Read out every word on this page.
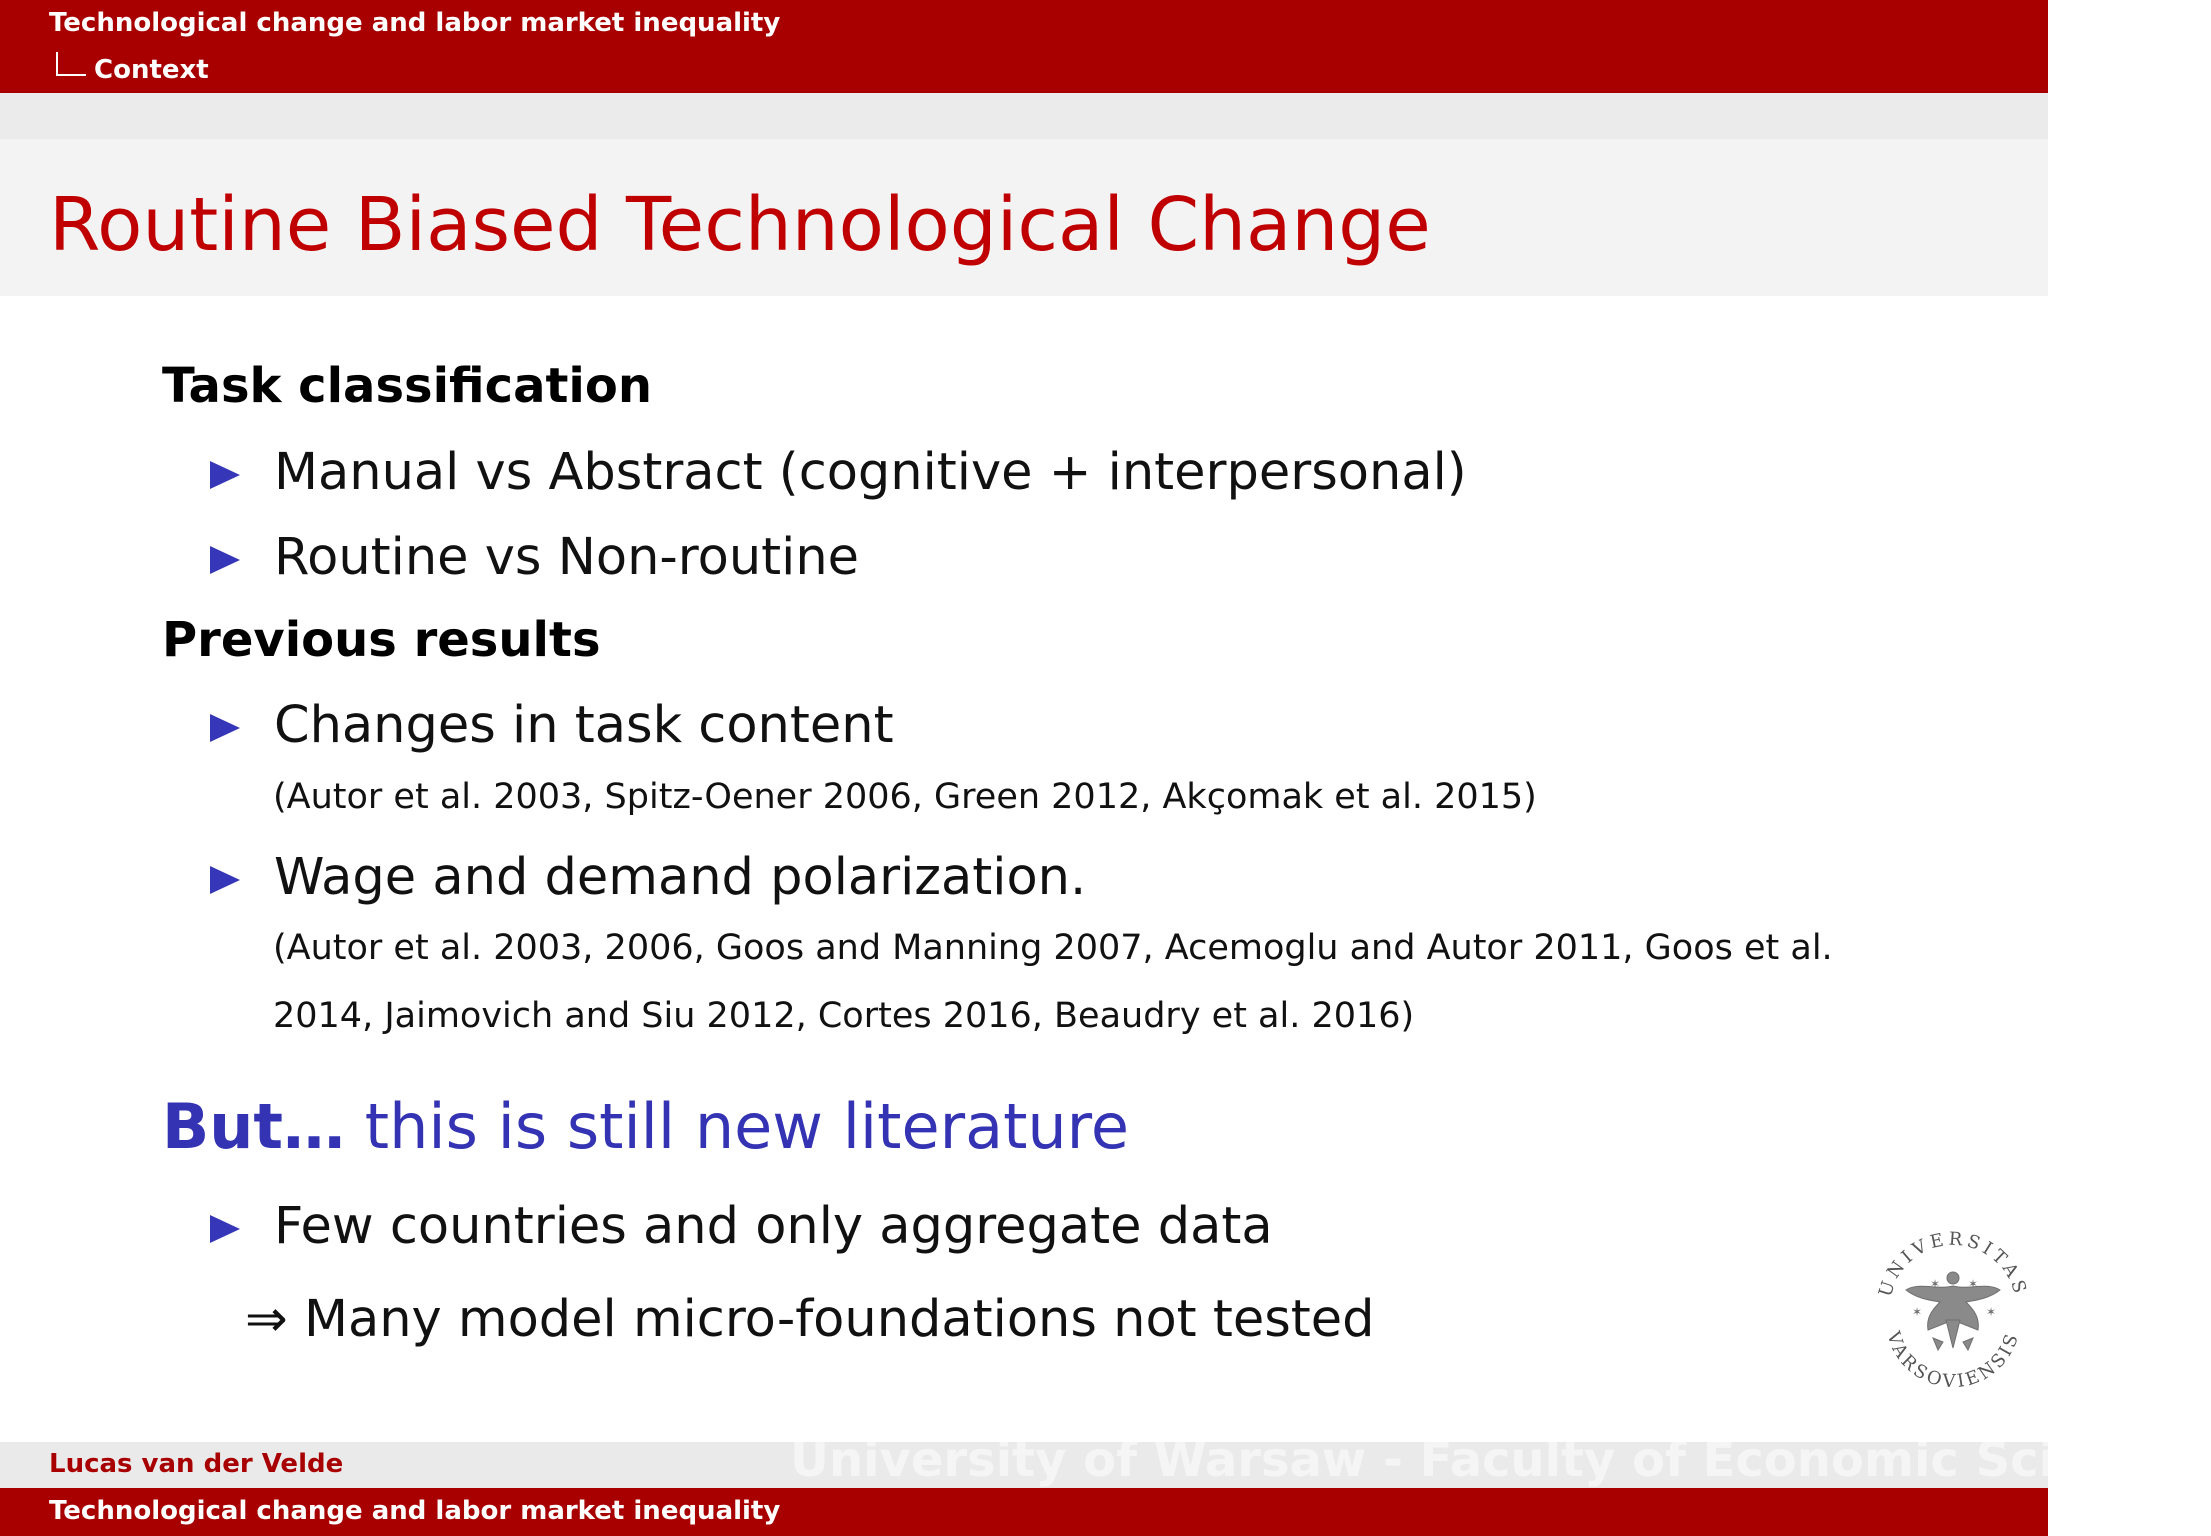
Technological change and labor market inequality
Context
Routine Biased Technological Change
Task classification
Manual vs Abstract (cognitive + interpersonal)
Routine vs Non-routine
Previous results
Changes in task content
(Autor et al. 2003, Spitz-Oener 2006, Green 2012, Akçomak et al. 2015)
Wage and demand polarization.
(Autor et al. 2003, 2006, Goos and Manning 2007, Acemoglu and Autor 2011, Goos et al.
2014, Jaimovich and Siu 2012, Cortes 2016, Beaudry et al. 2016)
But… this is still new literature
Few countries and only aggregate data
⇒ Many model micro-foundations not tested
UNIVERSITAS
VARSOVIENSIS
✶ ✶
✶	✶
Lucas van der Velde	University of Warsaw - Faculty of Economic Sciences
Technological change and labor market inequality
